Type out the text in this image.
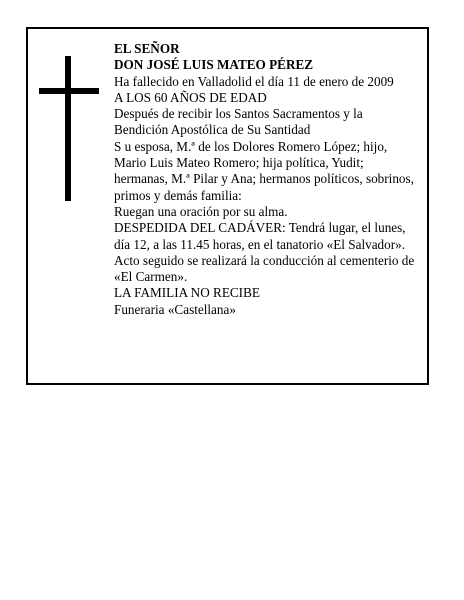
EL SEÑOR

DON JOSÉ LUIS MATEO PÉREZ

Ha fallecido en Valladolid el día 11 de enero de 2009

A LOS 60 AÑOS DE EDAD

Después de recibir los Santos Sacramentos y la Bendición Apostólica de Su Santidad

S u esposa, M.ª de los Dolores Romero López; hijo, Mario Luis Mateo Romero; hija política, Yudit; hermanas, M.ª Pilar y Ana; hermanos políticos, sobrinos, primos y demás familia:

Ruegan una oración por su alma.

DESPEDIDA DEL CADÁVER: Tendrá lugar, el lunes, día 12, a las 11.45 horas, en el tanatorio «El Salvador».

Acto seguido se realizará la conducción al cementerio de «El Carmen».

LA FAMILIA NO RECIBE

Funeraria «Castellana»
